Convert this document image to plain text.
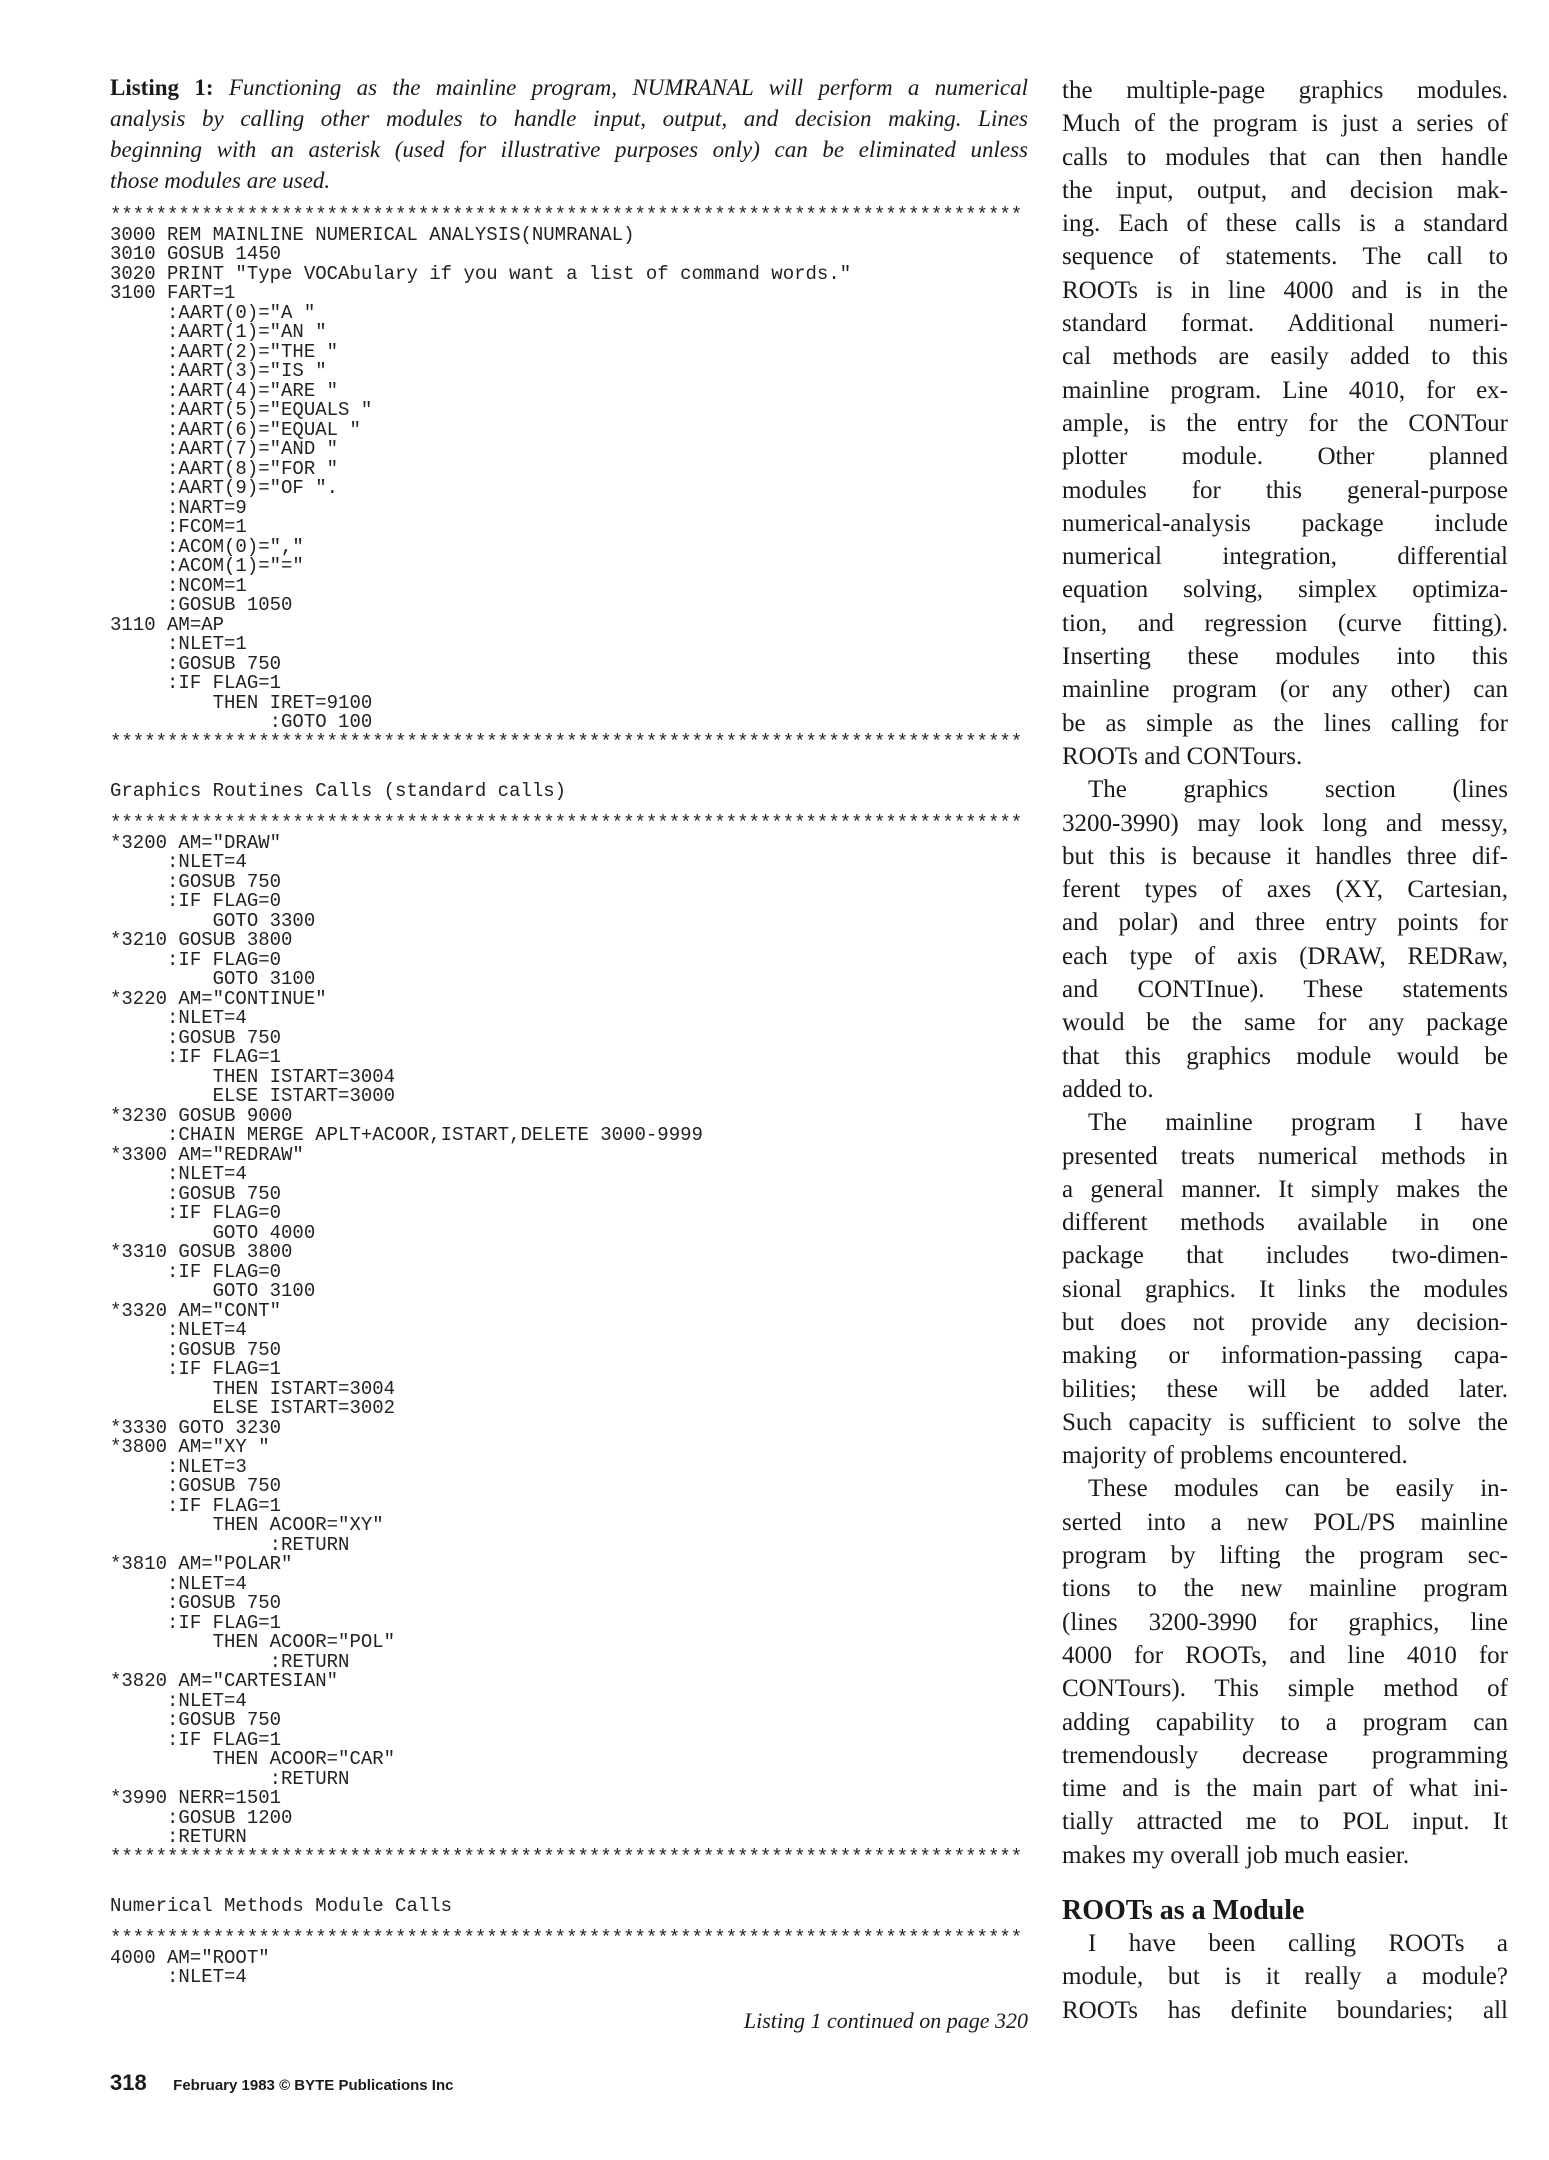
Listing 1: Functioning as the mainline program, NUMRANAL will perform a numerical
analysis by calling other modules to handle input, output, and decision making. Lines
beginning with an asterisk (used for illustrative purposes only) can be eliminated unless
those modules are used.
********************************************************************************
3000 REM MAINLINE NUMERICAL ANALYSIS(NUMRANAL)
3010 GOSUB 1450
3020 PRINT "Type VOCAbulary if you want a list of command words."
3100 FART=1
:AART(0)="A "
:AART(1)="AN "
:AART(2)="THE "
:AART(3)="IS "
:AART(4)="ARE "
:AART(5)="EQUALS "
:AART(6)="EQUAL "
:AART(7)="AND "
:AART(8)="FOR "
:AART(9)="OF ".
:NART=9
:FCOM=1
:ACOM(0)=","
:ACOM(1)="="
:NCOM=1
:GOSUB 1050
3110 AM=AP
:NLET=1
:GOSUB 750
:IF FLAG=1
THEN IRET=9100
:GOTO 100
********************************************************************************
Graphics Routines Calls (standard calls)
********************************************************************************
*3200 AM="DRAW"
:NLET=4
:GOSUB 750
:IF FLAG=0
GOTO 3300
*3210 GOSUB 3800
:IF FLAG=0
GOTO 3100
*3220 AM="CONTINUE"
:NLET=4
:GOSUB 750
:IF FLAG=1
THEN ISTART=3004
ELSE ISTART=3000
*3230 GOSUB 9000
:CHAIN MERGE APLT+ACOOR,ISTART,DELETE 3000-9999
*3300 AM="REDRAW"
:NLET=4
:GOSUB 750
:IF FLAG=0
GOTO 4000
*3310 GOSUB 3800
:IF FLAG=0
GOTO 3100
*3320 AM="CONT"
:NLET=4
:GOSUB 750
:IF FLAG=1
THEN ISTART=3004
ELSE ISTART=3002
*3330 GOTO 3230
*3800 AM="XY "
:NLET=3
:GOSUB 750
:IF FLAG=1
THEN ACOOR="XY"
:RETURN
*3810 AM="POLAR"
:NLET=4
:GOSUB 750
:IF FLAG=1
THEN ACOOR="POL"
:RETURN
*3820 AM="CARTESIAN"
:NLET=4
:GOSUB 750
:IF FLAG=1
THEN ACOOR="CAR"
:RETURN
*3990 NERR=1501
:GOSUB 1200
:RETURN
********************************************************************************
Numerical Methods Module Calls
********************************************************************************
4000 AM="ROOT"
:NLET=4
Listing 1 continued on page 320
318 February 1983 © BYTE Publications Inc
the multiple-page graphics modules.
Much of the program is just a series of
calls to modules that can then handle
the input, output, and decision mak-
ing. Each of these calls is a standard
sequence of statements. The call to
ROOTs is in line 4000 and is in the
standard format. Additional numeri-
cal methods are easily added to this
mainline program. Line 4010, for ex-
ample, is the entry for the CONTour
plotter module. Other planned
modules for this general-purpose
numerical-analysis package include
numerical integration, differential
equation solving, simplex optimiza-
tion, and regression (curve fitting).
Inserting these modules into this
mainline program (or any other) can
be as simple as the lines calling for
ROOTs and CONTours.
The graphics section (lines
3200-3990) may look long and messy,
but this is because it handles three dif-
ferent types of axes (XY, Cartesian,
and polar) and three entry points for
each type of axis (DRAW, REDRaw,
and CONTInue). These statements
would be the same for any package
that this graphics module would be
added to.
The mainline program I have
presented treats numerical methods in
a general manner. It simply makes the
different methods available in one
package that includes two-dimen-
sional graphics. It links the modules
but does not provide any decision-
making or information-passing capa-
bilities; these will be added later.
Such capacity is sufficient to solve the
majority of problems encountered.
These modules can be easily in-
serted into a new POL/PS mainline
program by lifting the program sec-
tions to the new mainline program
(lines 3200-3990 for graphics, line
4000 for ROOTs, and line 4010 for
CONTours). This simple method of
adding capability to a program can
tremendously decrease programming
time and is the main part of what ini-
tially attracted me to POL input. It
makes my overall job much easier.
ROOTs as a Module
I have been calling ROOTs a
module, but is it really a module?
ROOTs has definite boundaries; all
